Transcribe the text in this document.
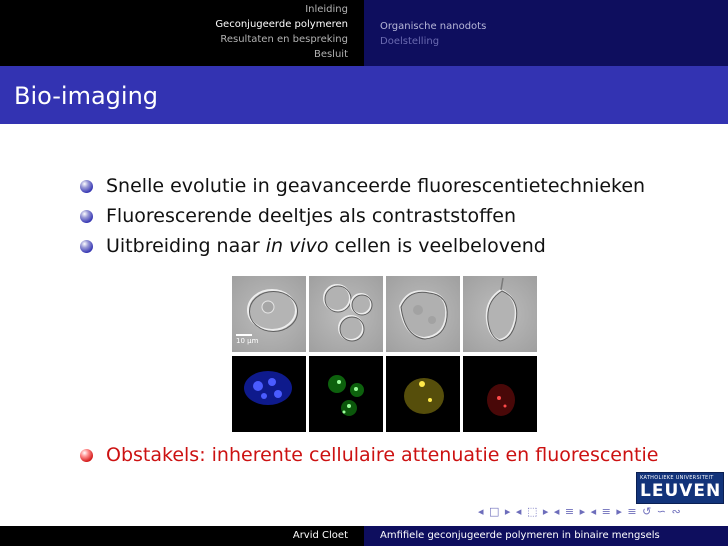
Inleiding
Geconjugeerde polymeren
Resultaten en bespreking
Besluit
Organische nanodots
Doelstelling
Bio-imaging
Snelle evolutie in geavanceerde fluorescentietechnieken
Fluorescerende deeltjes als contraststoffen
Uitbreiding naar in vivo cellen is veelbelovend
10 μm
Obstakels: inherente cellulaire attenuatie en fluorescentie
KATHOLIEKE UNIVERSITEIT
LEUVEN
◂ □ ▸ ◂ ⬚ ▸ ◂ ≡ ▸ ◂ ≡ ▸ ≡ ↺ ∽ ∾
Arvid Cloet	Amfifiele geconjugeerde polymeren in binaire mengsels
